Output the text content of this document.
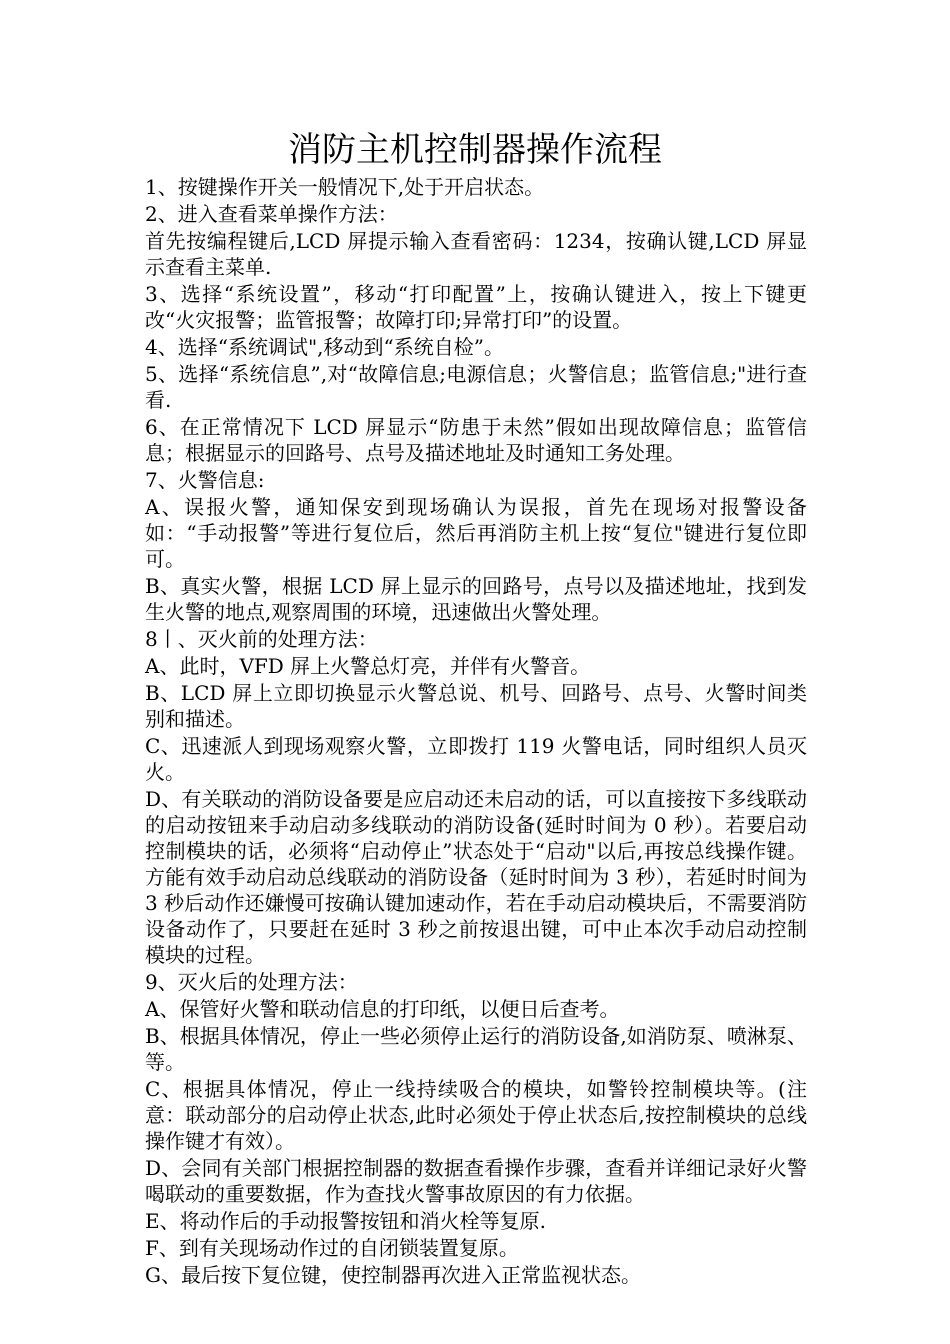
消防主机控制器操作流程

1、按键操作开关一般情况下,处于开启状态。

2、进入查看菜单操作方法：

首先按编程键后,LCD 屏提示输入查看密码：1234，按确认键,LCD 屏显示查看主菜单.

3、选择“系统设置”，移动“打印配置”上，按确认键进入，按上下键更改“火灾报警；监管报警；故障打印;异常打印”的设置。

4、选择“系统调试",移动到“系统自检”。

5、选择“系统信息”,对“故障信息;电源信息；火警信息；监管信息;"进行查看.

6、在正常情况下 LCD 屏显示“防患于未然”假如出现故障信息；监管信息；根据显示的回路号、点号及描述地址及时通知工务处理。

7、火警信息:

A、误报火警，通知保安到现场确认为误报，首先在现场对报警设备如：“手动报警”等进行复位后，然后再消防主机上按“复位"键进行复位即可。

B、真实火警，根据 LCD 屏上显示的回路号，点号以及描述地址，找到发生火警的地点,观察周围的环境，迅速做出火警处理。

8丨、灭火前的处理方法：

A、此时，VFD 屏上火警总灯亮，并伴有火警音。

B、LCD 屏上立即切换显示火警总说、机号、回路号、点号、火警时间类别和描述。

C、迅速派人到现场观察火警，立即拨打 119 火警电话，同时组织人员灭火。

D、有关联动的消防设备要是应启动还未启动的话，可以直接按下多线联动的启动按钮来手动启动多线联动的消防设备(延时时间为 0 秒）。若要启动控制模块的话，必须将“启动停止”状态处于“启动"以后,再按总线操作键。方能有效手动启动总线联动的消防设备（延时时间为 3 秒），若延时时间为 3 秒后动作还嫌慢可按确认键加速动作，若在手动启动模块后，不需要消防设备动作了，只要赶在延时 3 秒之前按退出键，可中止本次手动启动控制模块的过程。

9、灭火后的处理方法：

A、保管好火警和联动信息的打印纸，以便日后查考。

B、根据具体情况，停止一些必须停止运行的消防设备,如消防泵、喷淋泵、等。

C、根据具体情况，停止一线持续吸合的模块，如警铃控制模块等。(注意：联动部分的启动停止状态,此时必须处于停止状态后,按控制模块的总线操作键才有效）。

D、会同有关部门根据控制器的数据查看操作步骤，查看并详细记录好火警喝联动的重要数据，作为查找火警事故原因的有力依据。

E、将动作后的手动报警按钮和消火栓等复原.

F、到有关现场动作过的自闭锁装置复原。

G、最后按下复位键，使控制器再次进入正常监视状态。
